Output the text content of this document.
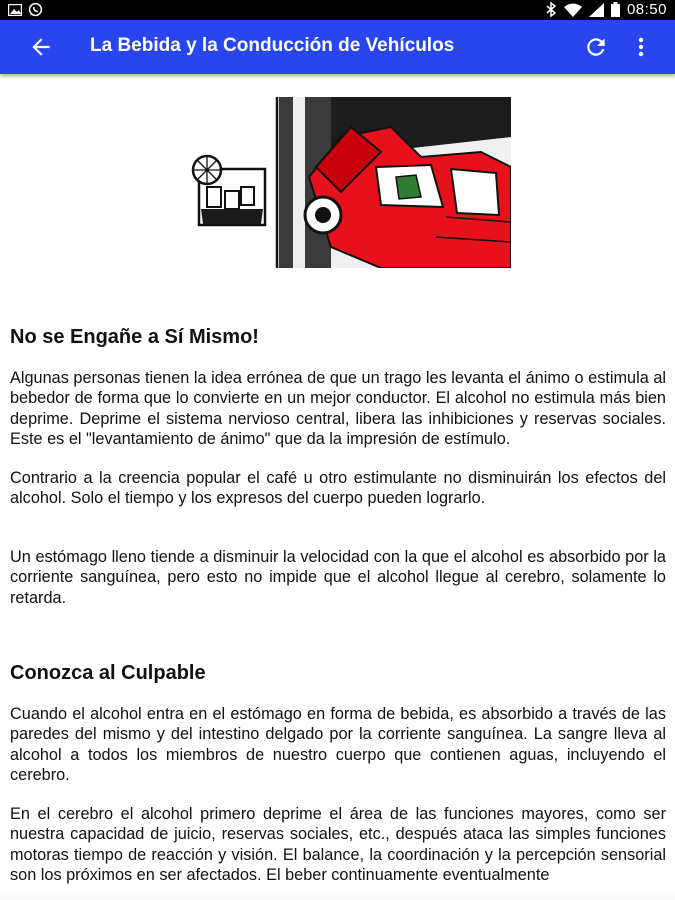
08:50
La Bebida y la Conducción de Vehículos
No se Engañe a Sí Mismo!

Algunas personas tienen la idea errónea de que un trago les levanta el ánimo o estimula al bebedor de forma que lo convierte en un mejor conductor. El alcohol no estimula más bien deprime. Deprime el sistema nervioso central, libera las inhibiciones y reservas sociales. Este es el "levantamiento de ánimo" que da la impresión de estímulo.

Contrario a la creencia popular el café u otro estimulante no disminuirán los efectos del alcohol. Solo el tiempo y los expresos del cuerpo pueden lograrlo.

Un estómago lleno tiende a disminuir la velocidad con la que el alcohol es absorbido por la corriente sanguínea, pero esto no impide que el alcohol llegue al cerebro, solamente lo retarda.

Conozca al Culpable

Cuando el alcohol entra en el estómago en forma de bebida, es absorbido a través de las paredes del mismo y del intestino delgado por la corriente sanguínea. La sangre lleva al alcohol a todos los miembros de nuestro cuerpo que contienen aguas, incluyendo el cerebro.

En el cerebro el alcohol primero deprime el área de las funciones mayores, como ser nuestra capacidad de juicio, reservas sociales, etc., después ataca las simples funciones motoras tiempo de reacción y visión. El balance, la coordinación y la percepción sensorial son los próximos en ser afectados. El beber continuamente eventualmente
